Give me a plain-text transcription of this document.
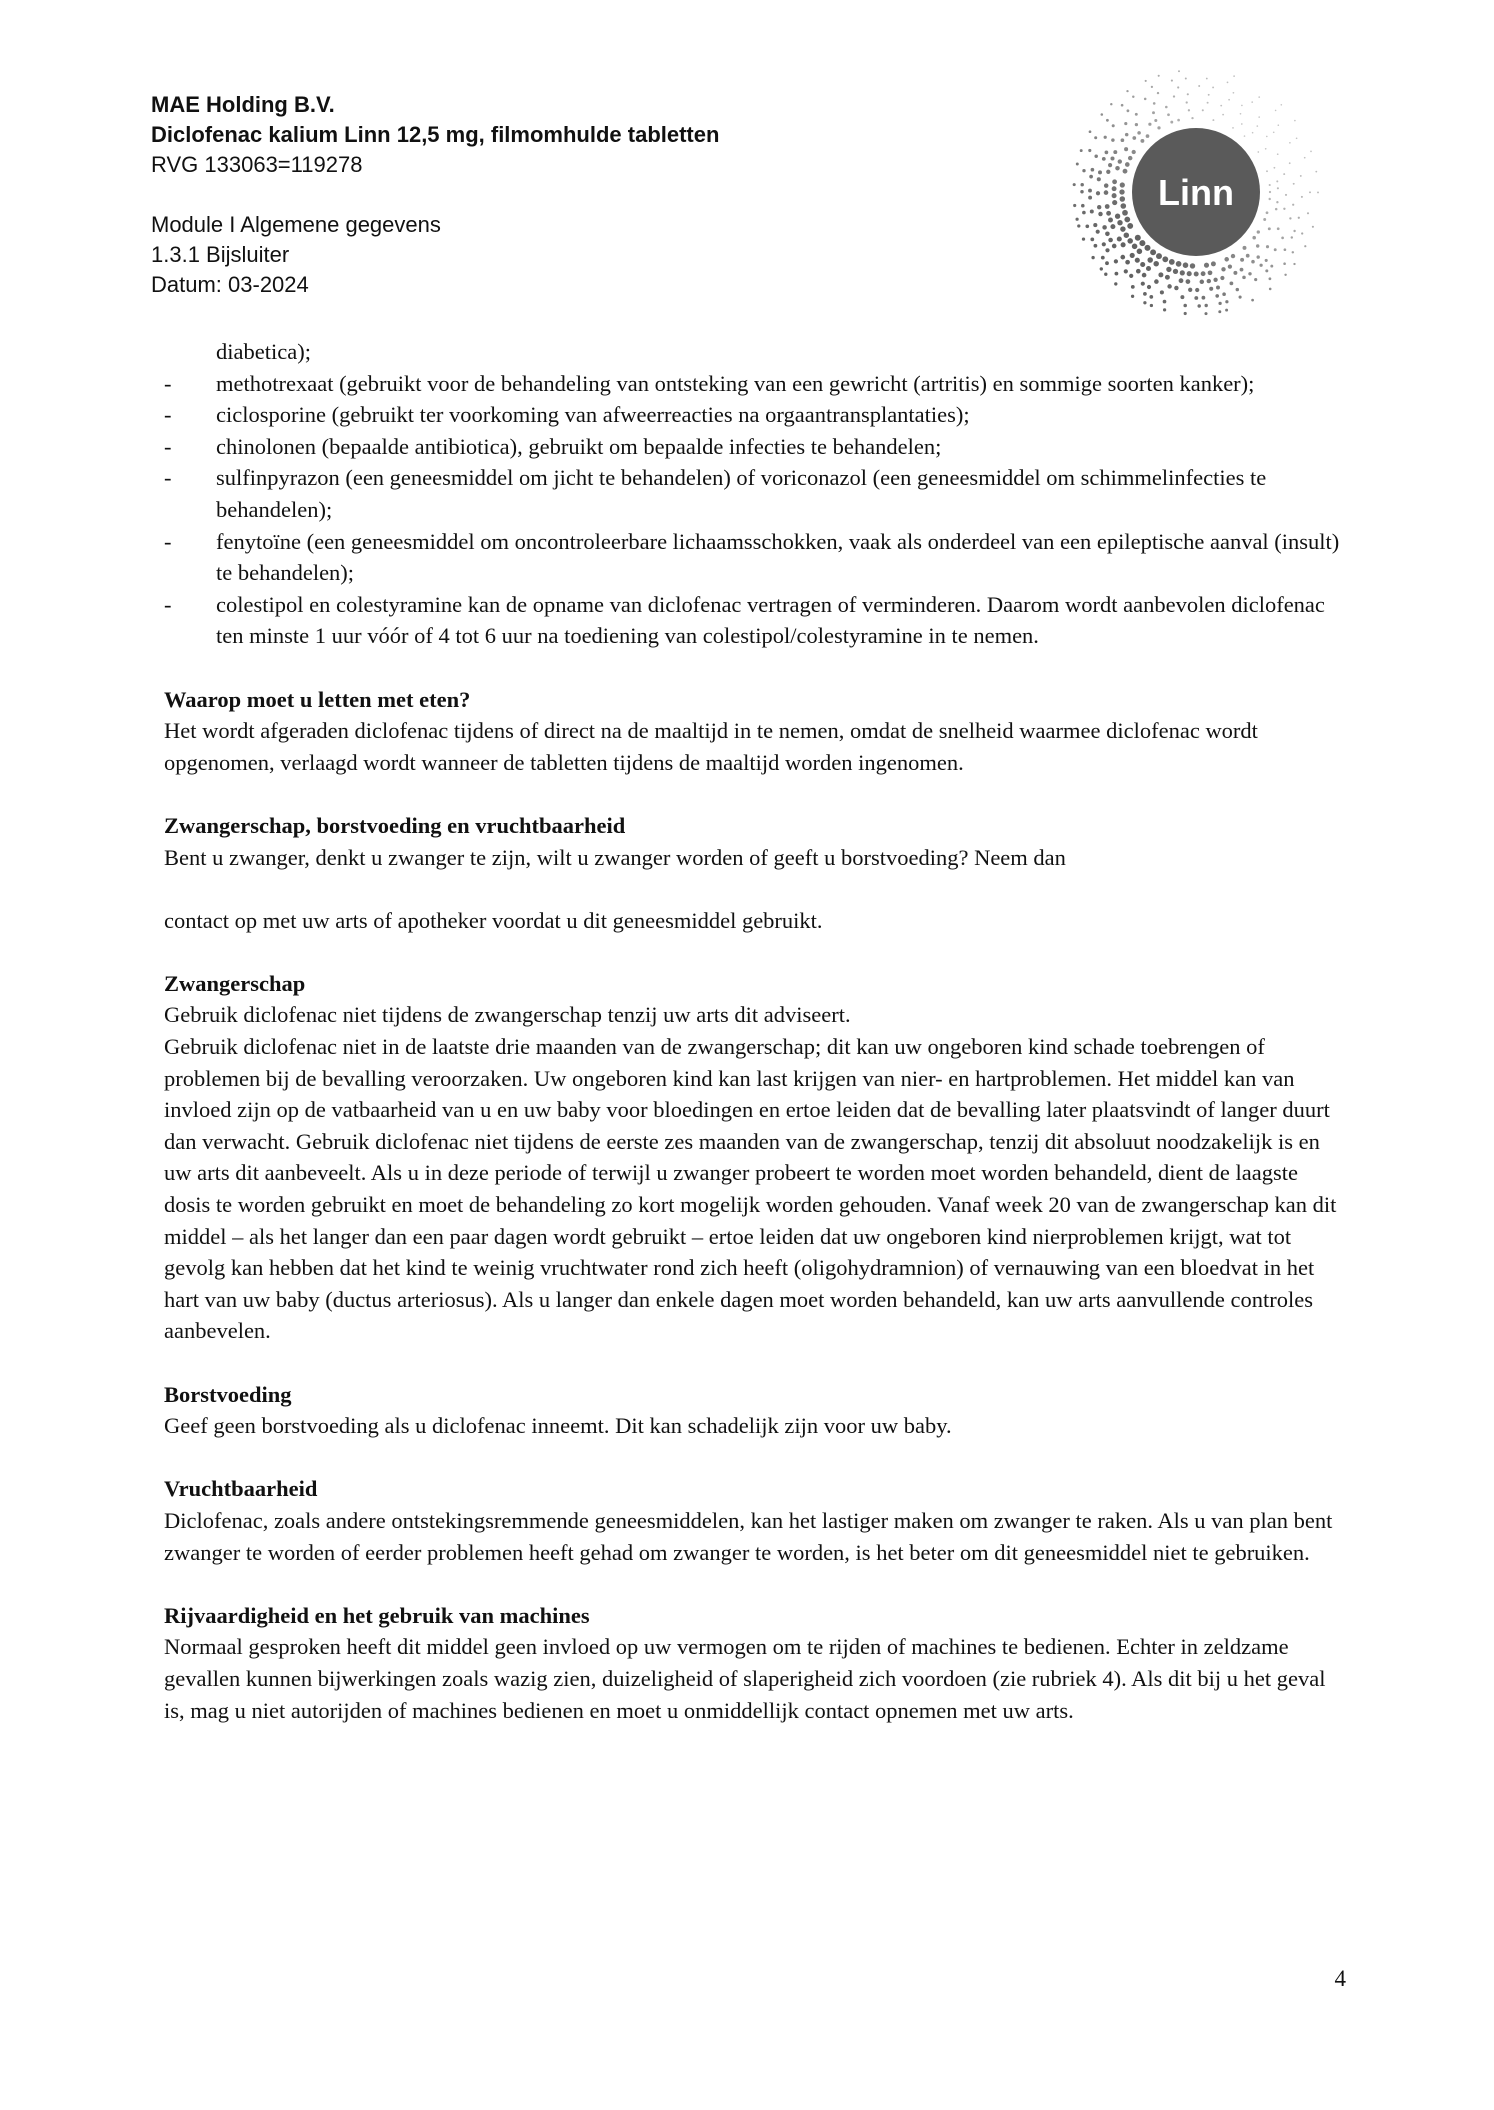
MAE Holding B.V.
Diclofenac kalium Linn 12,5 mg, filmomhulde tabletten
RVG 133063=119278
Module I Algemene gegevens
1.3.1 Bijsluiter
Datum: 03-2024
Linn
diabetica);
- methotrexaat (gebruikt voor de behandeling van ontsteking van een gewricht (artritis) en sommige soorten kanker);
- ciclosporine (gebruikt ter voorkoming van afweerreacties na orgaantransplantaties);
- chinolonen (bepaalde antibiotica), gebruikt om bepaalde infecties te behandelen;
- sulfinpyrazon (een geneesmiddel om jicht te behandelen) of voriconazol (een geneesmiddel om schimmelinfecties te behandelen);
- fenytoïne (een geneesmiddel om oncontroleerbare lichaamsschokken, vaak als onderdeel van een epileptische aanval (insult) te behandelen);
- colestipol en colestyramine kan de opname van diclofenac vertragen of verminderen. Daarom wordt aanbevolen diclofenac ten minste 1 uur vóór of 4 tot 6 uur na toediening van colestipol/colestyramine in te nemen.

Waarop moet u letten met eten?

Het wordt afgeraden diclofenac tijdens of direct na de maaltijd in te nemen, omdat de snelheid waarmee diclofenac wordt opgenomen, verlaagd wordt wanneer de tabletten tijdens de maaltijd worden ingenomen.

Zwangerschap, borstvoeding en vruchtbaarheid

Bent u zwanger, denkt u zwanger te zijn, wilt u zwanger worden of geeft u borstvoeding? Neem dan

contact op met uw arts of apotheker voordat u dit geneesmiddel gebruikt.

Zwangerschap

Gebruik diclofenac niet tijdens de zwangerschap tenzij uw arts dit adviseert.

Gebruik diclofenac niet in de laatste drie maanden van de zwangerschap; dit kan uw ongeboren kind schade toebrengen of problemen bij de bevalling veroorzaken. Uw ongeboren kind kan last krijgen van nier- en hartproblemen. Het middel kan van invloed zijn op de vatbaarheid van u en uw baby voor bloedingen en ertoe leiden dat de bevalling later plaatsvindt of langer duurt dan verwacht. Gebruik diclofenac niet tijdens de eerste zes maanden van de zwangerschap, tenzij dit absoluut noodzakelijk is en uw arts dit aanbeveelt. Als u in deze periode of terwijl u zwanger probeert te worden moet worden behandeld, dient de laagste dosis te worden gebruikt en moet de behandeling zo kort mogelijk worden gehouden. Vanaf week 20 van de zwangerschap kan dit middel – als het langer dan een paar dagen wordt gebruikt – ertoe leiden dat uw ongeboren kind nierproblemen krijgt, wat tot gevolg kan hebben dat het kind te weinig vruchtwater rond zich heeft (oligohydramnion) of vernauwing van een bloedvat in het hart van uw baby (ductus arteriosus). Als u langer dan enkele dagen moet worden behandeld, kan uw arts aanvullende controles aanbevelen.

Borstvoeding

Geef geen borstvoeding als u diclofenac inneemt. Dit kan schadelijk zijn voor uw baby.

Vruchtbaarheid

Diclofenac, zoals andere ontstekingsremmende geneesmiddelen, kan het lastiger maken om zwanger te raken. Als u van plan bent zwanger te worden of eerder problemen heeft gehad om zwanger te worden, is het beter om dit geneesmiddel niet te gebruiken.

Rijvaardigheid en het gebruik van machines

Normaal gesproken heeft dit middel geen invloed op uw vermogen om te rijden of machines te bedienen. Echter in zeldzame gevallen kunnen bijwerkingen zoals wazig zien, duizeligheid of slaperigheid zich voordoen (zie rubriek 4). Als dit bij u het geval is, mag u niet autorijden of machines bedienen en moet u onmiddellijk contact opnemen met uw arts.

4
